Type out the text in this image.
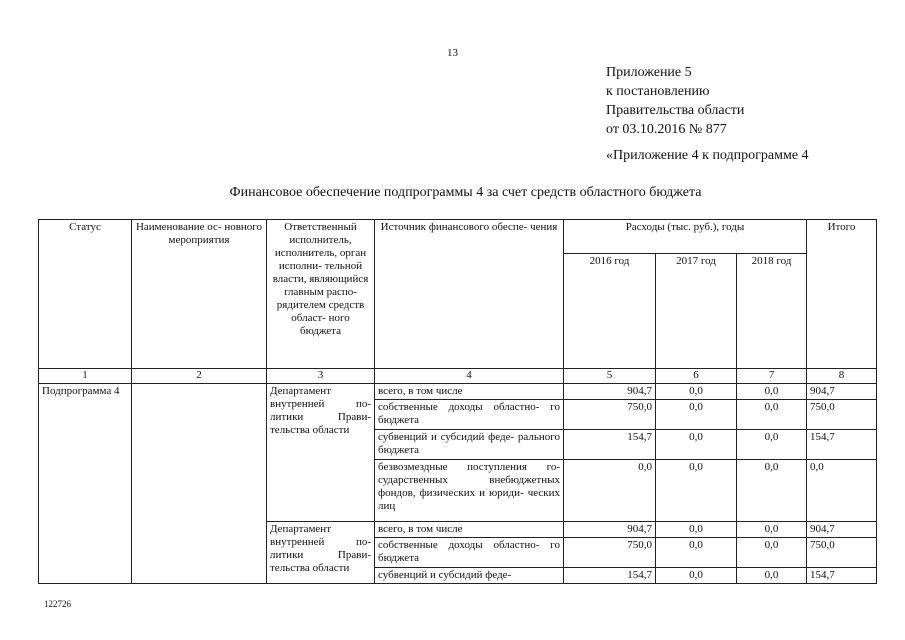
13
Приложение 5
к постановлению
Правительства области
от 03.10.2016 № 877
«Приложение 4 к подпрограмме 4
Финансовое обеспечение подпрограммы 4 за счет средств областного бюджета
Статус	Наименование ос- новного мероприятия	Ответственный исполнитель, исполнитель, орган исполни- тельной власти, являющийся главным распо- рядителем средств област- ного бюджета	Источник финансового обеспе- чения	Расходы (тыс. руб.), годы			Итого
				2016 год	2017 год	2018 год	
1	2	3	4	5	6	7	8
Подпрограмма 4		Департамент внутренней по- литики Прави- тельства области	всего, в том числе	904,7	0,0	0,0	904,7
			собственные доходы областно- го бюджета	750,0	0,0	0,0	750,0
			субвенций и субсидий феде- рального бюджета	154,7	0,0	0,0	154,7
			безвозмездные поступления го- сударственных внебюджетных фондов, физических и юриди- ческих лиц	0,0	0,0	0,0	0,0
		Департамент внутренней по- литики Прави- тельства области	всего, в том числе	904,7	0,0	0,0	904,7
			собственные доходы областно- го бюджета	750,0	0,0	0,0	750,0
			субвенций и субсидий феде-	154,7	0,0	0,0	154,7
122726
